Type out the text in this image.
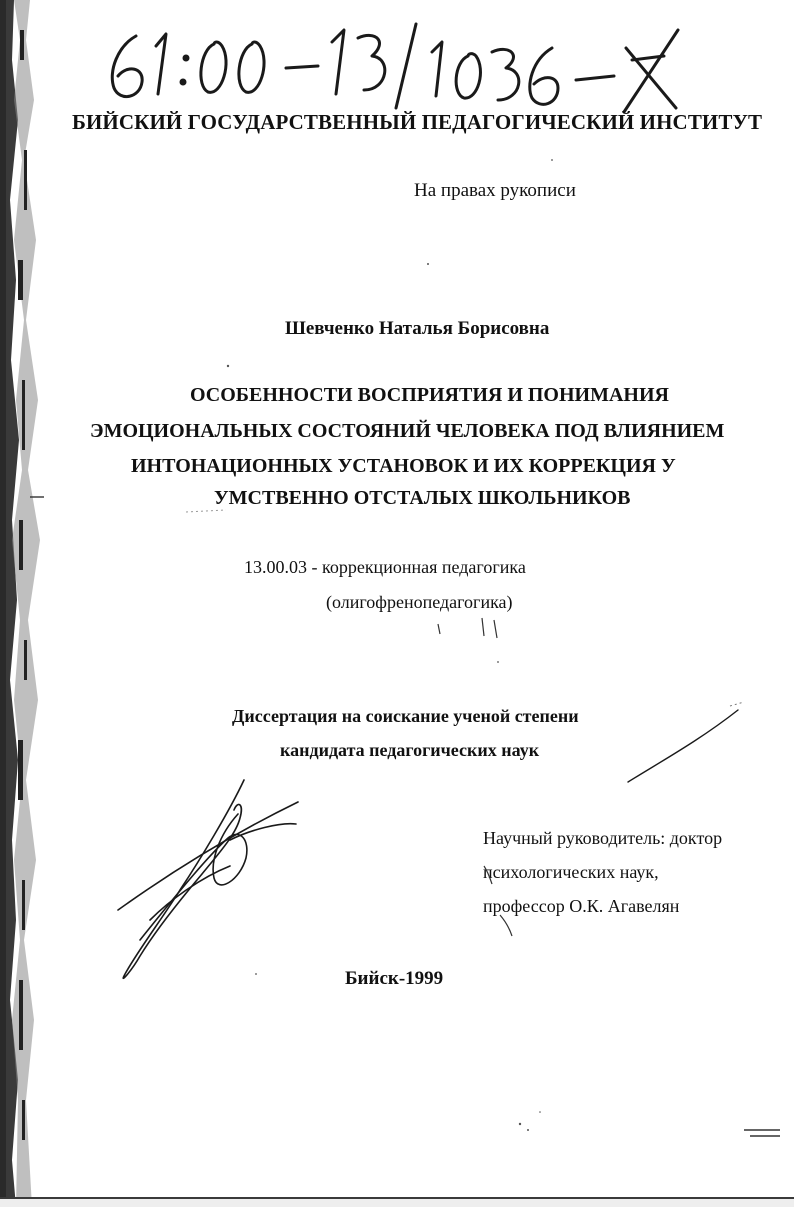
БИЙСКИЙ ГОСУДАРСТВЕННЫЙ ПЕДАГОГИЧЕСКИЙ ИНСТИТУТ
На правах рукописи
Шевченко Наталья Борисовна
ОСОБЕННОСТИ ВОСПРИЯТИЯ И ПОНИМАНИЯ
ЭМОЦИОНАЛЬНЫХ СОСТОЯНИЙ ЧЕЛОВЕКА ПОД ВЛИЯНИЕМ
ИНТОНАЦИОННЫХ УСТАНОВОК И ИХ КОРРЕКЦИЯ У
УМСТВЕННО ОТСТАЛЫХ ШКОЛЬНИКОВ
13.00.03 - коррекционная педагогика
(олигофренопедагогика)
Диссертация на соискание ученой степени
кандидата педагогических наук
Научный руководитель: доктор
психологических наук,
профессор О.К. Агавелян
Бийск-1999
